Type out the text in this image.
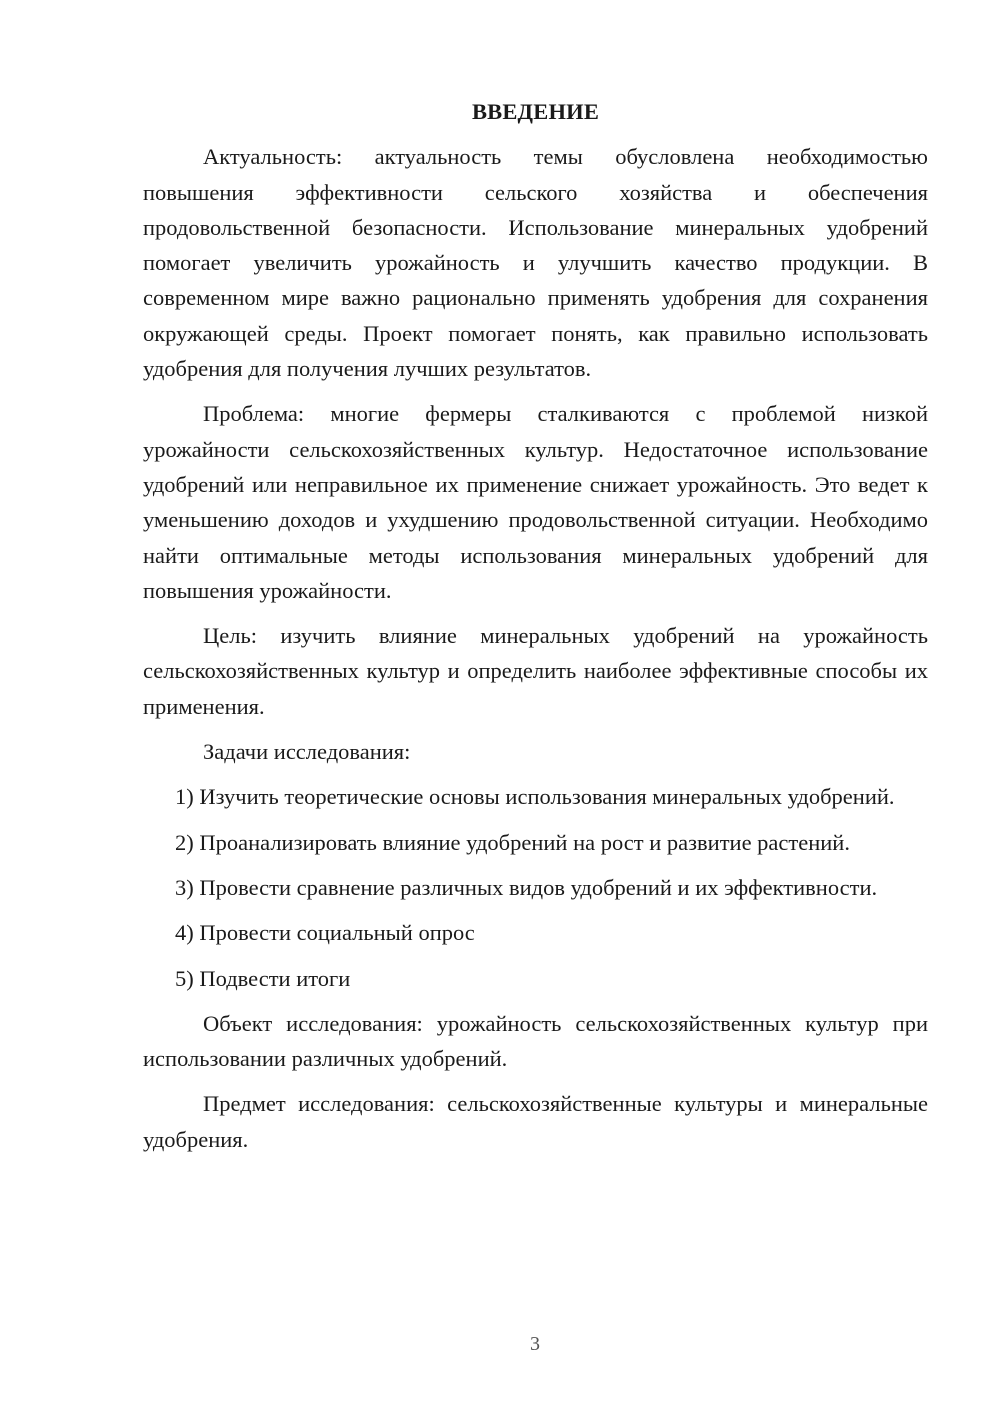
ВВЕДЕНИЕ

Актуальность: актуальность темы обусловлена необходимостью повышения эффективности сельского хозяйства и обеспечения продовольственной безопасности. Использование минеральных удобрений помогает увеличить урожайность и улучшить качество продукции. В современном мире важно рационально применять удобрения для сохранения окружающей среды. Проект помогает понять, как правильно использовать удобрения для получения лучших результатов.

Проблема: многие фермеры сталкиваются с проблемой низкой урожайности сельскохозяйственных культур. Недостаточное использование удобрений или неправильное их применение снижает урожайность. Это ведет к уменьшению доходов и ухудшению продовольственной ситуации. Необходимо найти оптимальные методы использования минеральных удобрений для повышения урожайности.

Цель: изучить влияние минеральных удобрений на урожайность сельскохозяйственных культур и определить наиболее эффективные способы их применения.

Задачи исследования:

1) Изучить теоретические основы использования минеральных удобрений.

2) Проанализировать влияние удобрений на рост и развитие растений.

3) Провести сравнение различных видов удобрений и их эффективности.

4) Провести социальный опрос

5) Подвести итоги

Объект исследования: урожайность сельскохозяйственных культур при использовании различных удобрений.

Предмет исследования: сельскохозяйственные культуры и минеральные удобрения.

3
